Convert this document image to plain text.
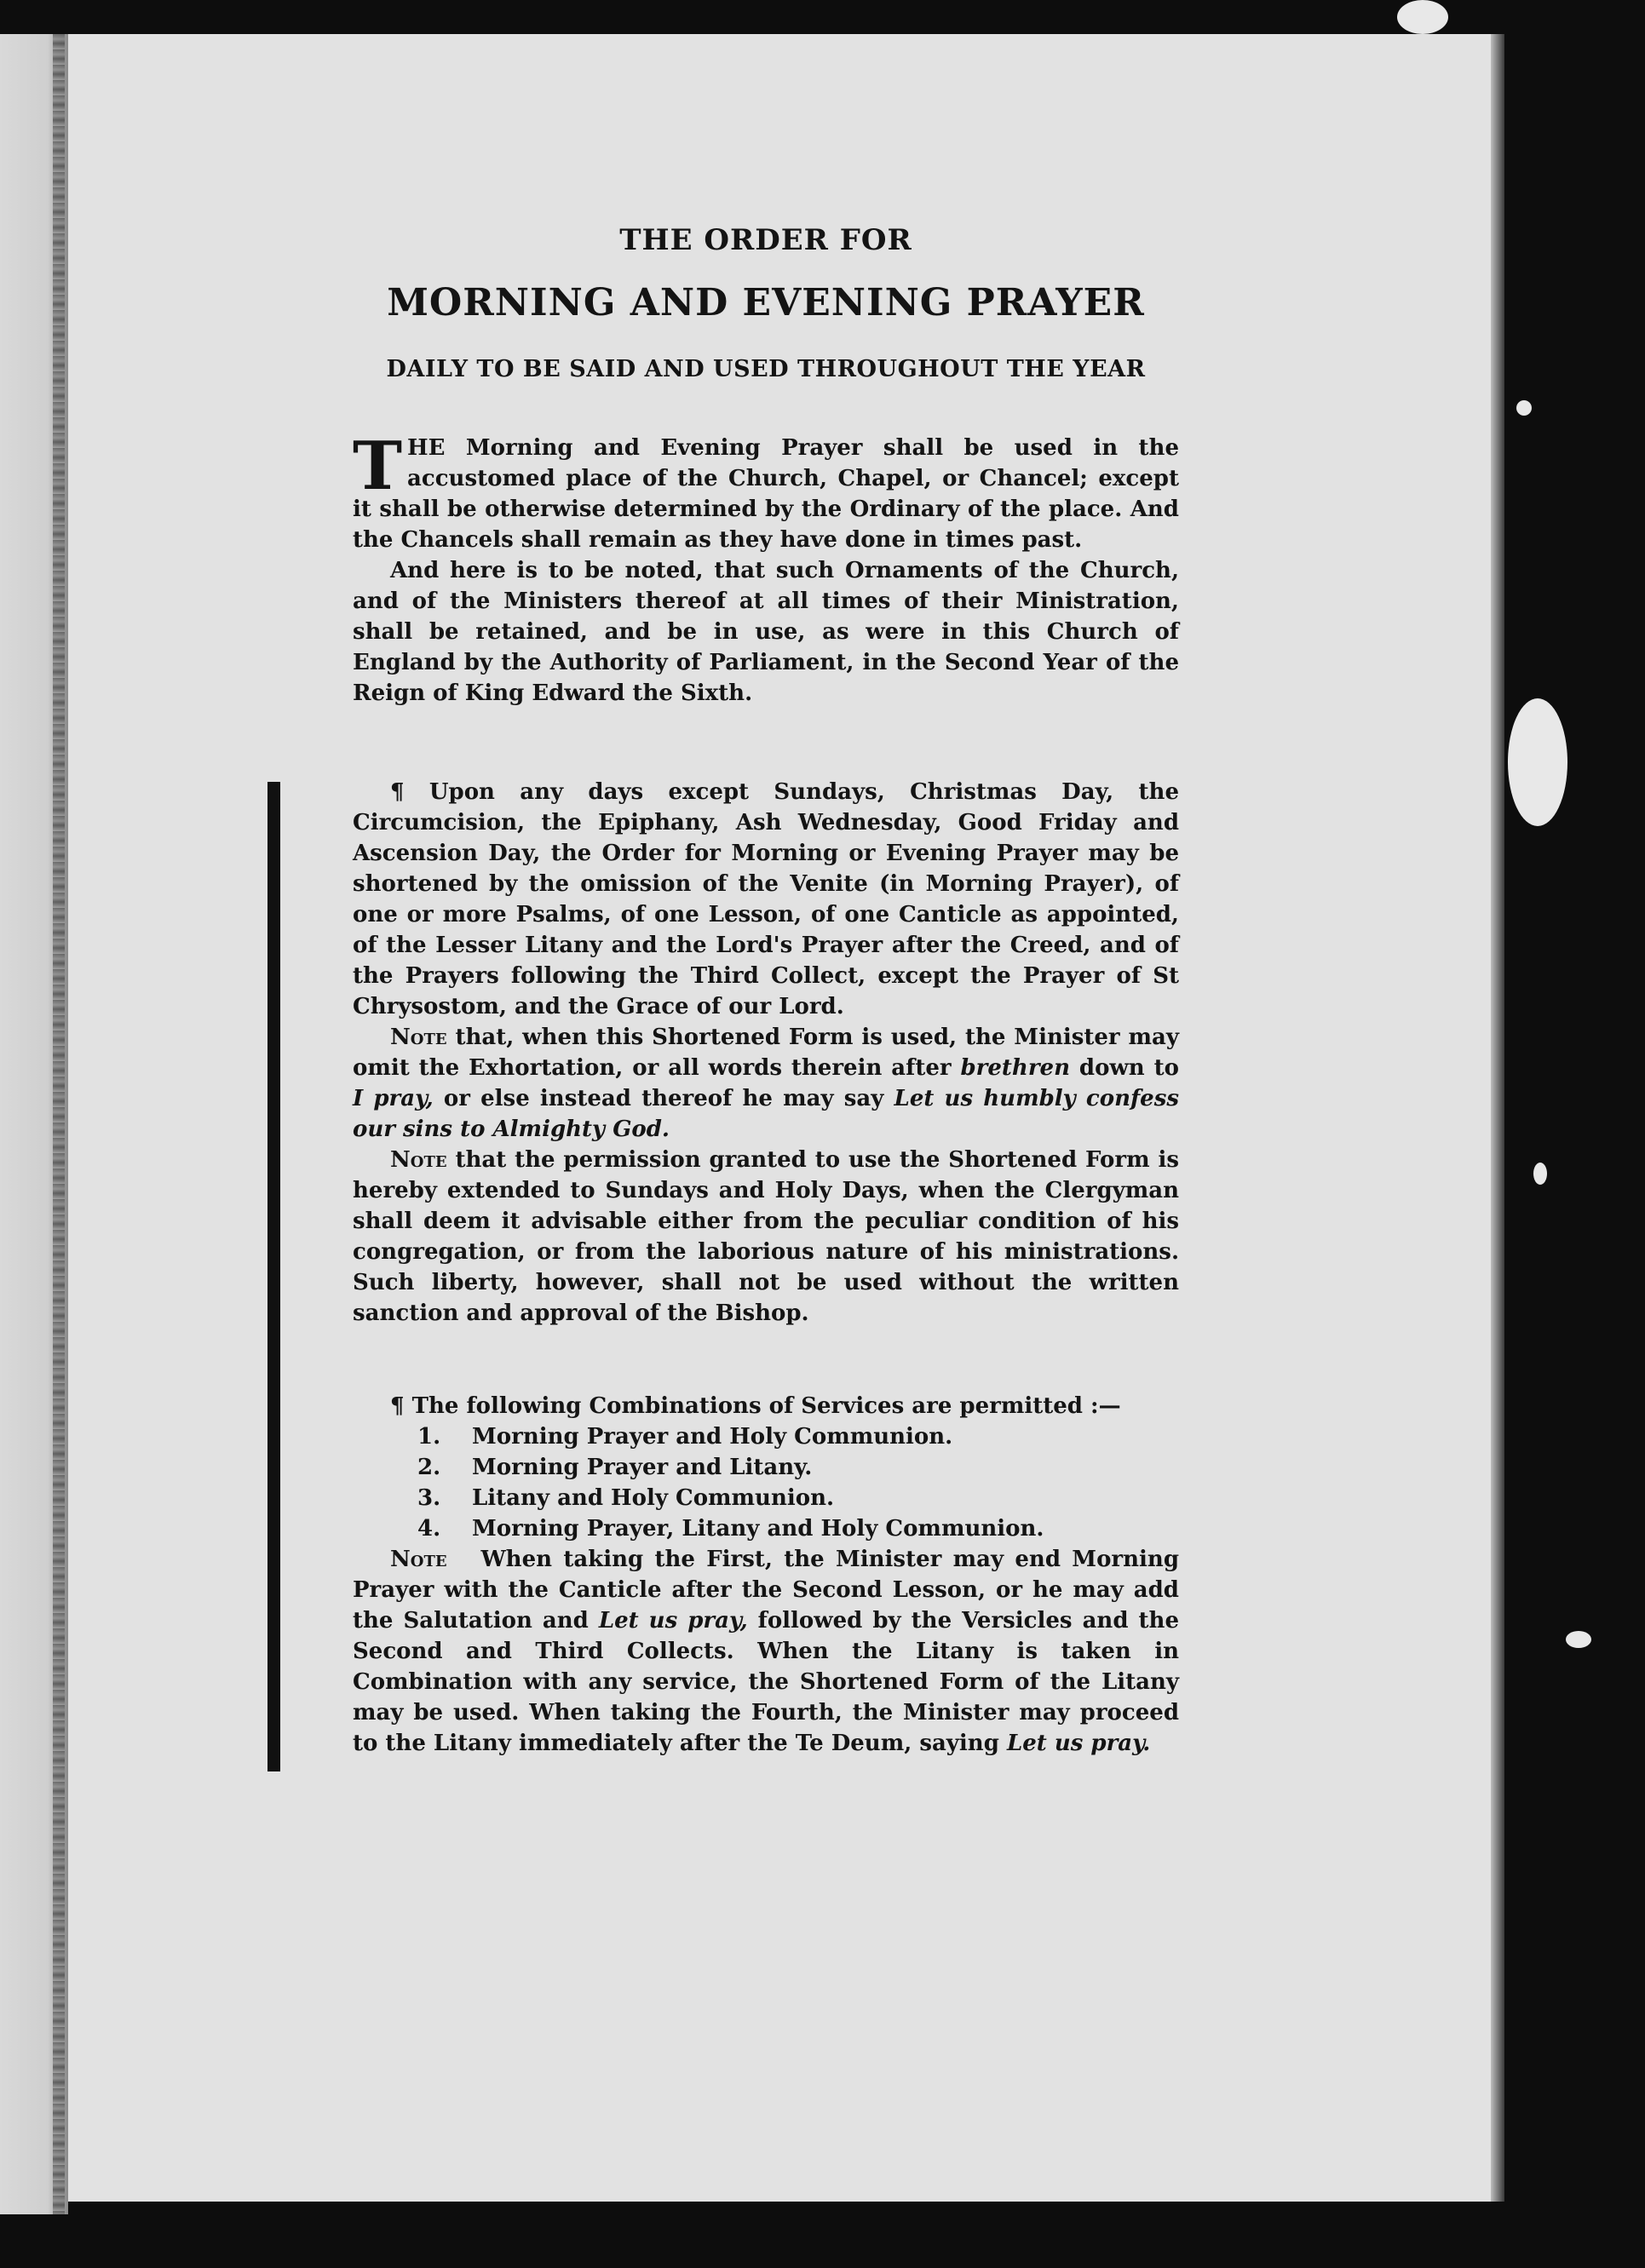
THE ORDER FOR
MORNING AND EVENING PRAYER
DAILY TO BE SAID AND USED THROUGHOUT THE YEAR

THE Morning and Evening Prayer shall be used in the accustomed place of the Church, Chapel, or Chancel; except it shall be otherwise determined by the Ordinary of the place. And the Chancels shall remain as they have done in times past.

And here is to be noted, that such Ornaments of the Church, and of the Ministers thereof at all times of their Ministration, shall be retained, and be in use, as were in this Church of England by the Authority of Parliament, in the Second Year of the Reign of King Edward the Sixth.

¶ Upon any days except Sundays, Christmas Day, the Circumcision, the Epiphany, Ash Wednesday, Good Friday and Ascension Day, the Order for Morning or Evening Prayer may be shortened by the omission of the Venite (in Morning Prayer), of one or more Psalms, of one Lesson, of one Canticle as appointed, of the Lesser Litany and the Lord's Prayer after the Creed, and of the Prayers following the Third Collect, except the Prayer of St Chrysostom, and the Grace of our Lord.

Note that, when this Shortened Form is used, the Minister may omit the Exhortation, or all words therein after brethren down to I pray, or else instead thereof he may say Let us humbly confess our sins to Almighty God.

Note that the permission granted to use the Shortened Form is hereby extended to Sundays and Holy Days, when the Clergyman shall deem it advisable either from the peculiar condition of his congregation, or from the laborious nature of his ministrations. Such liberty, however, shall not be used without the written sanction and approval of the Bishop.

¶ The following Combinations of Services are permitted :—

1.	Morning Prayer and Holy Communion.
2.	Morning Prayer and Litany.
3.	Litany and Holy Communion.
4.	Morning Prayer, Litany and Holy Communion.

Note When taking the First, the Minister may end Morning Prayer with the Canticle after the Second Lesson, or he may add the Salutation and Let us pray, followed by the Versicles and the Second and Third Collects. When the Litany is taken in Combination with any service, the Shortened Form of the Litany may be used. When taking the Fourth, the Minister may proceed to the Litany immediately after the Te Deum, saying Let us pray.
